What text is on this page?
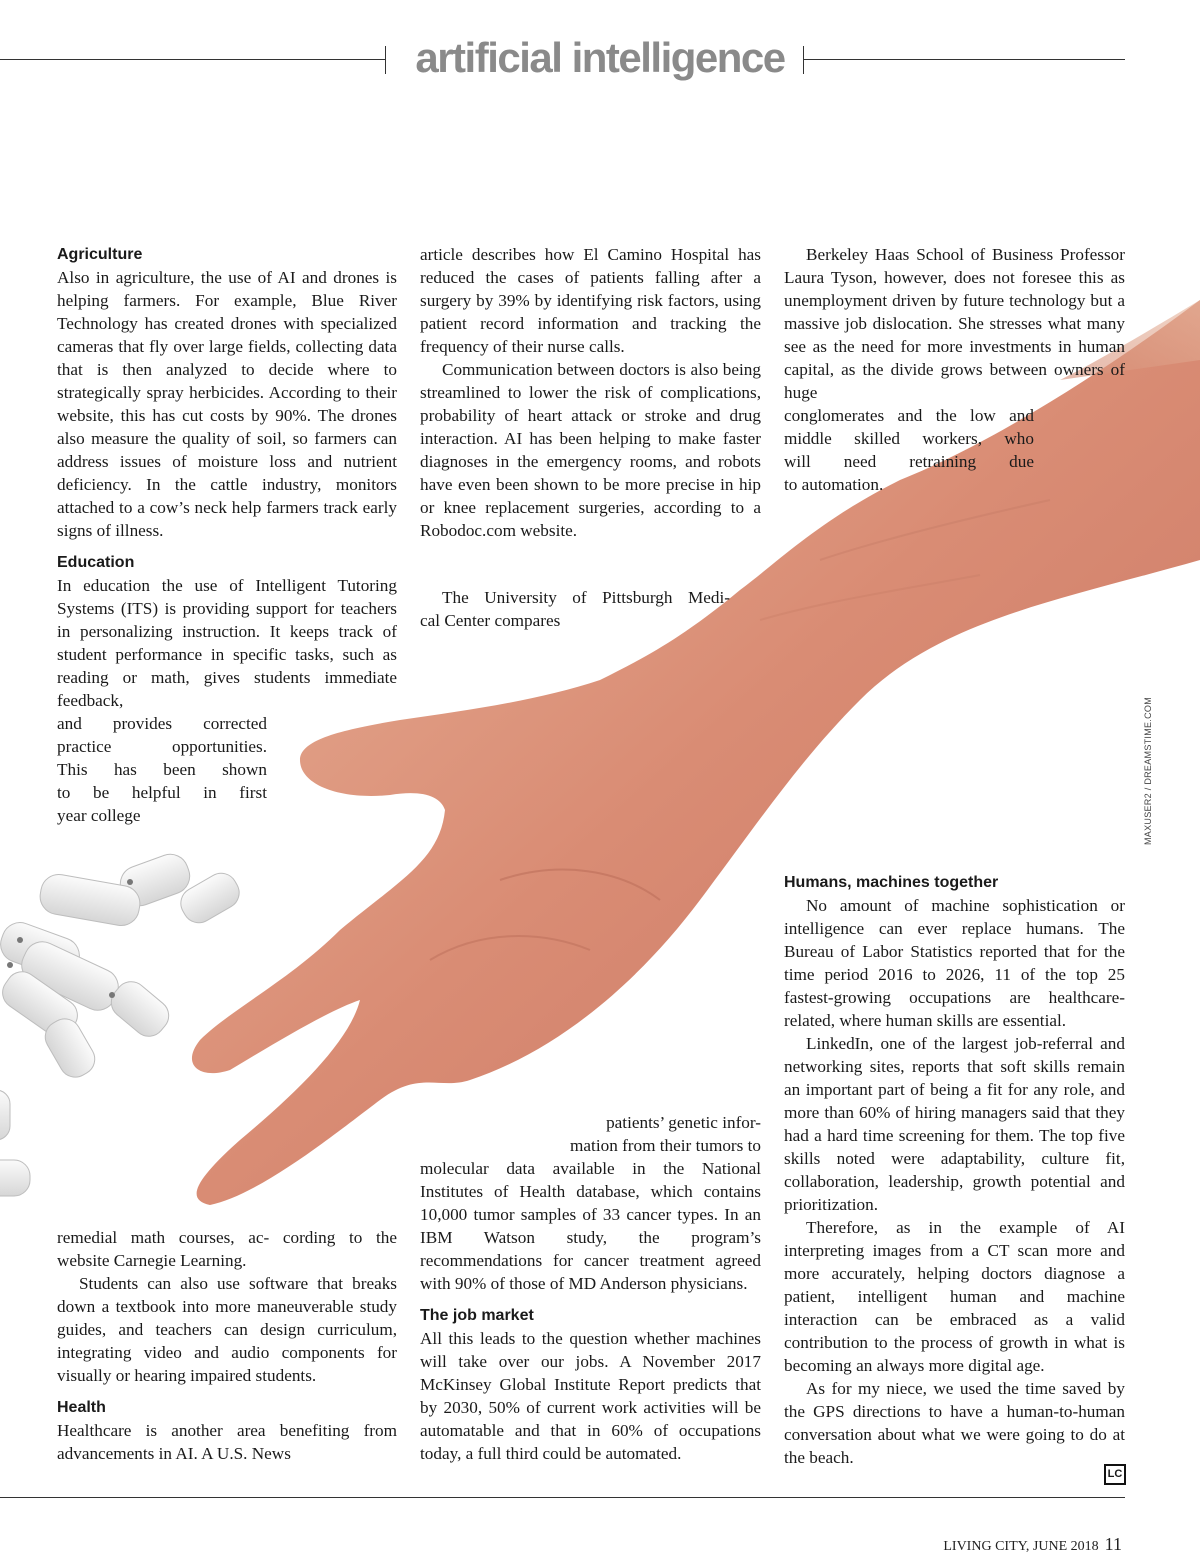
artificial intelligence
Agriculture

Also in agriculture, the use of AI and drones is helping farmers. For example, Blue River Technology has created drones with specialized cameras that fly over large fields, collecting data that is then analyzed to decide where to strategically spray herbicides. According to their website, this has cut costs by 90%. The drones also measure the quality of soil, so farmers can address issues of moisture loss and nutrient deficiency. In the cattle industry, monitors attached to a cow’s neck help farmers track early signs of illness.

Education

In education the use of Intelligent Tutoring Systems (ITS) is providing support for teachers in personalizing instruction. It keeps track of student performance in specific tasks, such as reading or math, gives students immediate feedback,

and provides corrected
practice opportunities.
This has been shown
to be helpful in first
year college

remedial math courses, ac- cording to the website Carnegie Learning.

Students can also use software that breaks down a textbook into more maneuverable study guides, and teachers can design curriculum, integrating video and audio components for visually or hearing impaired students.

Health

Healthcare is another area benefiting from advancements in AI. A U.S. News

article describes how El Camino Hospital has reduced the cases of patients falling after a surgery by 39% by identifying risk factors, using patient record information and tracking the frequency of their nurse calls.

Communication between doctors is also being streamlined to lower the risk of complications, probability of heart attack or stroke and drug interaction. AI has been helping to make faster diagnoses in the emergency rooms, and robots have even been shown to be more precise in hip or knee replacement surgeries, according to a Robodoc.com website.

The University of Pittsburgh Medi-
cal Center compares
patients’ genetic infor-
mation from their tumors to

molecular data available in the National Institutes of Health database, which contains 10,000 tumor samples of 33 cancer types. In an IBM Watson study, the program’s recommendations for cancer treatment agreed with 90% of those of MD Anderson physicians.

The job market

All this leads to the question whether machines will take over our jobs. A November 2017 McKinsey Global Institute Report predicts that by 2030, 50% of current work activities will be automatable and that in 60% of occupations today, a full third could be automated.

Berkeley Haas School of Business Professor Laura Tyson, however, does not foresee this as unemployment driven by future technology but a massive job dislocation. She stresses what many see as the need for more investments in human capital, as the divide grows between owners of huge

conglomerates and the low and
middle skilled workers, who
will need retraining due
to automation.
Humans, machines together

No amount of machine sophistication or intelligence can ever replace humans. The Bureau of Labor Statistics reported that for the time period 2016 to 2026, 11 of the top 25 fastest-growing occupations are healthcare-related, where human skills are essential.

LinkedIn, one of the largest job-referral and networking sites, reports that soft skills remain an important part of being a fit for any role, and more than 60% of hiring managers said that they had a hard time screening for them. The top five skills noted were adaptability, culture fit, collaboration, leadership, growth potential and prioritization.

Therefore, as in the example of AI interpreting images from a CT scan more and more accurately, helping doctors diagnose a patient, intelligent human and machine interaction can be embraced as a valid contribution to the process of growth in what is becoming an always more digital age.

As for my niece, we used the time saved by the GPS directions to have a human-to-human conversation about what we were going to do at the beach.

MAXUSER2 / DREAMSTIME.COM
LC
LIVING CITY, JUNE 2018 11
